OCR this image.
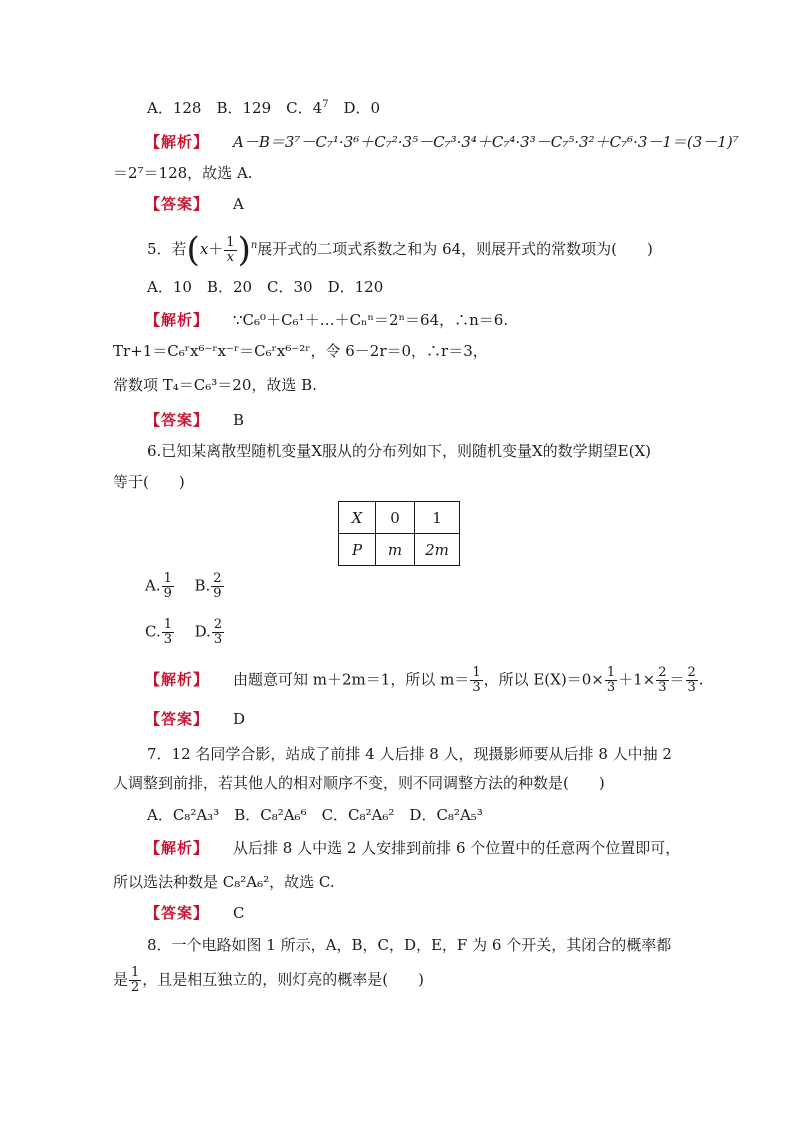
A．128　B．129　C．$4^7$　D．0
【解析】 A－B＝3⁷－C₇¹·3⁶＋C₇²·3⁵－C₇³·3⁴＋C₇⁴·3³－C₇⁵·3²＋C₇⁶·3－1＝(3－1)⁷
＝2⁷＝128，故选 A.
【答案】 A
5．若$(x+ \frac{1}{x} )^n$展开式的二项式系数之和为 64，则展开式的常数项为(　　)
A．10　B．20　C．30　D．120
【解析】 ∵C₆⁰＋C₆¹＋…＋Cₙⁿ＝2ⁿ＝64，∴n＝6.
Tr+1＝C₆ʳx⁶⁻ʳx⁻ʳ＝C₆ʳx⁶⁻²ʳ，令 6－2r＝0，∴r＝3，
常数项 T₄＝C₆³＝20，故选 B.
【答案】 B
6.已知某离散型随机变量X服从的分布列如下，则随机变量X的数学期望E(X)
等于(　　)
X	0	1
P	m	2m
A. $\frac{1}{9} B$. $\frac{2}{9}$
C. $\frac{1}{3} D$. $\frac{2}{3}$
【解析】 由题意可知 m＋2m＝1，所以 $m= \frac{1}{3}$ ，所以 $E(X)=0\times \frac{1}{3} +1\times \frac{2}{3} = \frac{2}{3}$ .
【答案】 D
7．12 名同学合影，站成了前排 4 人后排 8 人，现摄影师要从后排 8 人中抽 2
人调整到前排，若其他人的相对顺序不变，则不同调整方法的种数是(　　)
A．C₈²A₃³　B．C₈²A₆⁶　C．C₈²A₆²　D．C₈²A₅³
【解析】 从后排 8 人中选 2 人安排到前排 6 个位置中的任意两个位置即可，
所以选法种数是 C₈²A₆²，故选 C.
【答案】 C
8．一个电路如图 1 所示，A，B，C，D，E，F 为 6 个开关，其闭合的概率都
是 $\frac{1}{2}$ ，且是相互独立的，则灯亮的概率是(　　)
